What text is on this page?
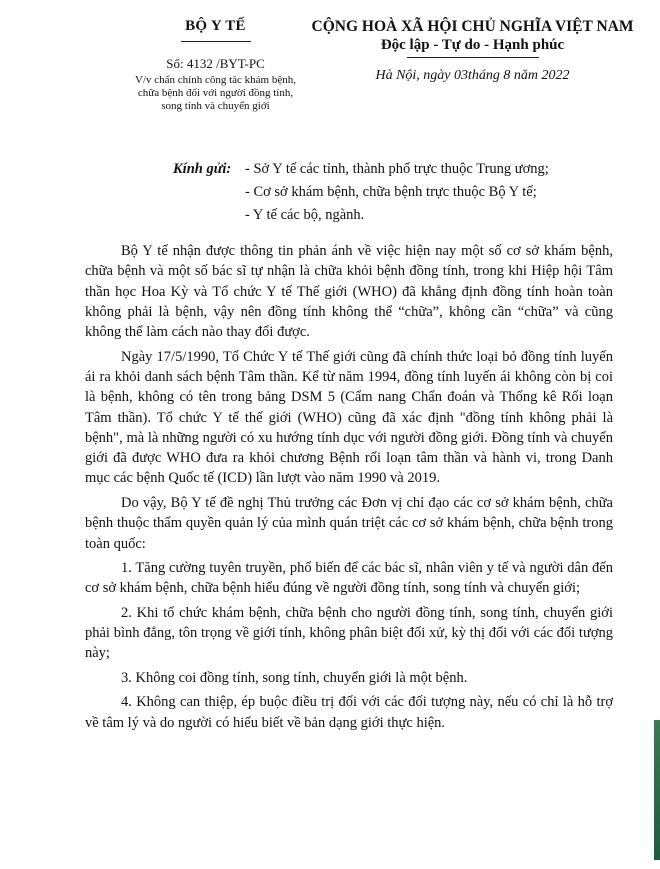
BỘ Y TẾ
Số: 4132 /BYT-PC
V/v chấn chỉnh công tác khám bệnh,
chữa bệnh đối với người đồng tính,
song tính và chuyển giới
CỘNG HOÀ XÃ HỘI CHỦ NGHĨA VIỆT NAM
Độc lập - Tự do - Hạnh phúc
Hà Nội, ngày 03tháng 8 năm 2022
Kính gửi: - Sở Y tế các tỉnh, thành phố trực thuộc Trung ương;
- Cơ sở khám bệnh, chữa bệnh trực thuộc Bộ Y tế;
- Y tế các bộ, ngành.

Bộ Y tế nhận được thông tin phản ánh về việc hiện nay một số cơ sở khám bệnh, chữa bệnh và một số bác sĩ tự nhận là chữa khỏi bệnh đồng tính, trong khi Hiệp hội Tâm thần học Hoa Kỳ và Tổ chức Y tế Thế giới (WHO) đã khẳng định đồng tính hoàn toàn không phải là bệnh, vậy nên đồng tính không thể “chữa”, không cần “chữa” và cũng không thể làm cách nào thay đổi được.

Ngày 17/5/1990, Tổ Chức Y tế Thế giới cũng đã chính thức loại bỏ đồng tính luyến ái ra khỏi danh sách bệnh Tâm thần. Kể từ năm 1994, đồng tính luyến ái không còn bị coi là bệnh, không có tên trong bảng DSM 5 (Cẩm nang Chẩn đoán và Thống kê Rối loạn Tâm thần). Tổ chức Y tế thế giới (WHO) cũng đã xác định "đồng tính không phải là bệnh", mà là những người có xu hướng tính dục với người đồng giới. Đồng tính và chuyển giới đã được WHO đưa ra khỏi chương Bệnh rối loạn tâm thần và hành vi, trong Danh mục các bệnh Quốc tế (ICD) lần lượt vào năm 1990 và 2019.

Do vậy, Bộ Y tế đề nghị Thủ trưởng các Đơn vị chỉ đạo các cơ sở khám bệnh, chữa bệnh thuộc thẩm quyền quản lý của mình quán triệt các cơ sở khám bệnh, chữa bệnh trong toàn quốc:

1. Tăng cường tuyên truyền, phổ biến để các bác sĩ, nhân viên y tế và người dân đến cơ sở khám bệnh, chữa bệnh hiểu đúng về người đồng tính, song tính và chuyển giới;

2. Khi tổ chức khám bệnh, chữa bệnh cho người đồng tính, song tính, chuyển giới phải bình đẳng, tôn trọng về giới tính, không phân biệt đối xử, kỳ thị đối với các đối tượng này;

3. Không coi đồng tính, song tính, chuyển giới là một bệnh.

4. Không can thiệp, ép buộc điều trị đối với các đối tượng này, nếu có chỉ là hỗ trợ về tâm lý và do người có hiểu biết về bản dạng giới thực hiện.
